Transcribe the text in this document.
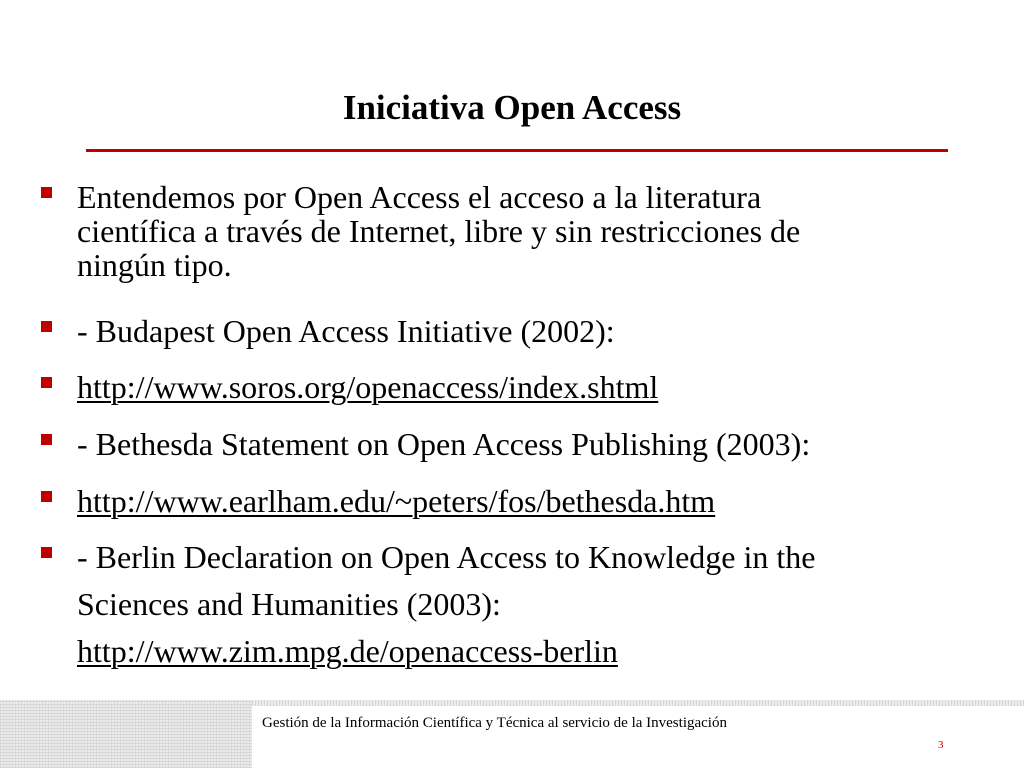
Iniciativa Open Access
Entendemos por Open Access el acceso a la literatura
científica a través de Internet, libre y sin restricciones de
ningún tipo.
- Budapest Open Access Initiative (2002):
http://www.soros.org/openaccess/index.shtml
- Bethesda Statement on Open Access Publishing (2003):
http://www.earlham.edu/~peters/fos/bethesda.htm
- Berlin Declaration on Open Access to Knowledge in the
Sciences and Humanities (2003):
http://www.zim.mpg.de/openaccess-berlin
Gestión de la Información Científica y Técnica al servicio de la Investigación
3
